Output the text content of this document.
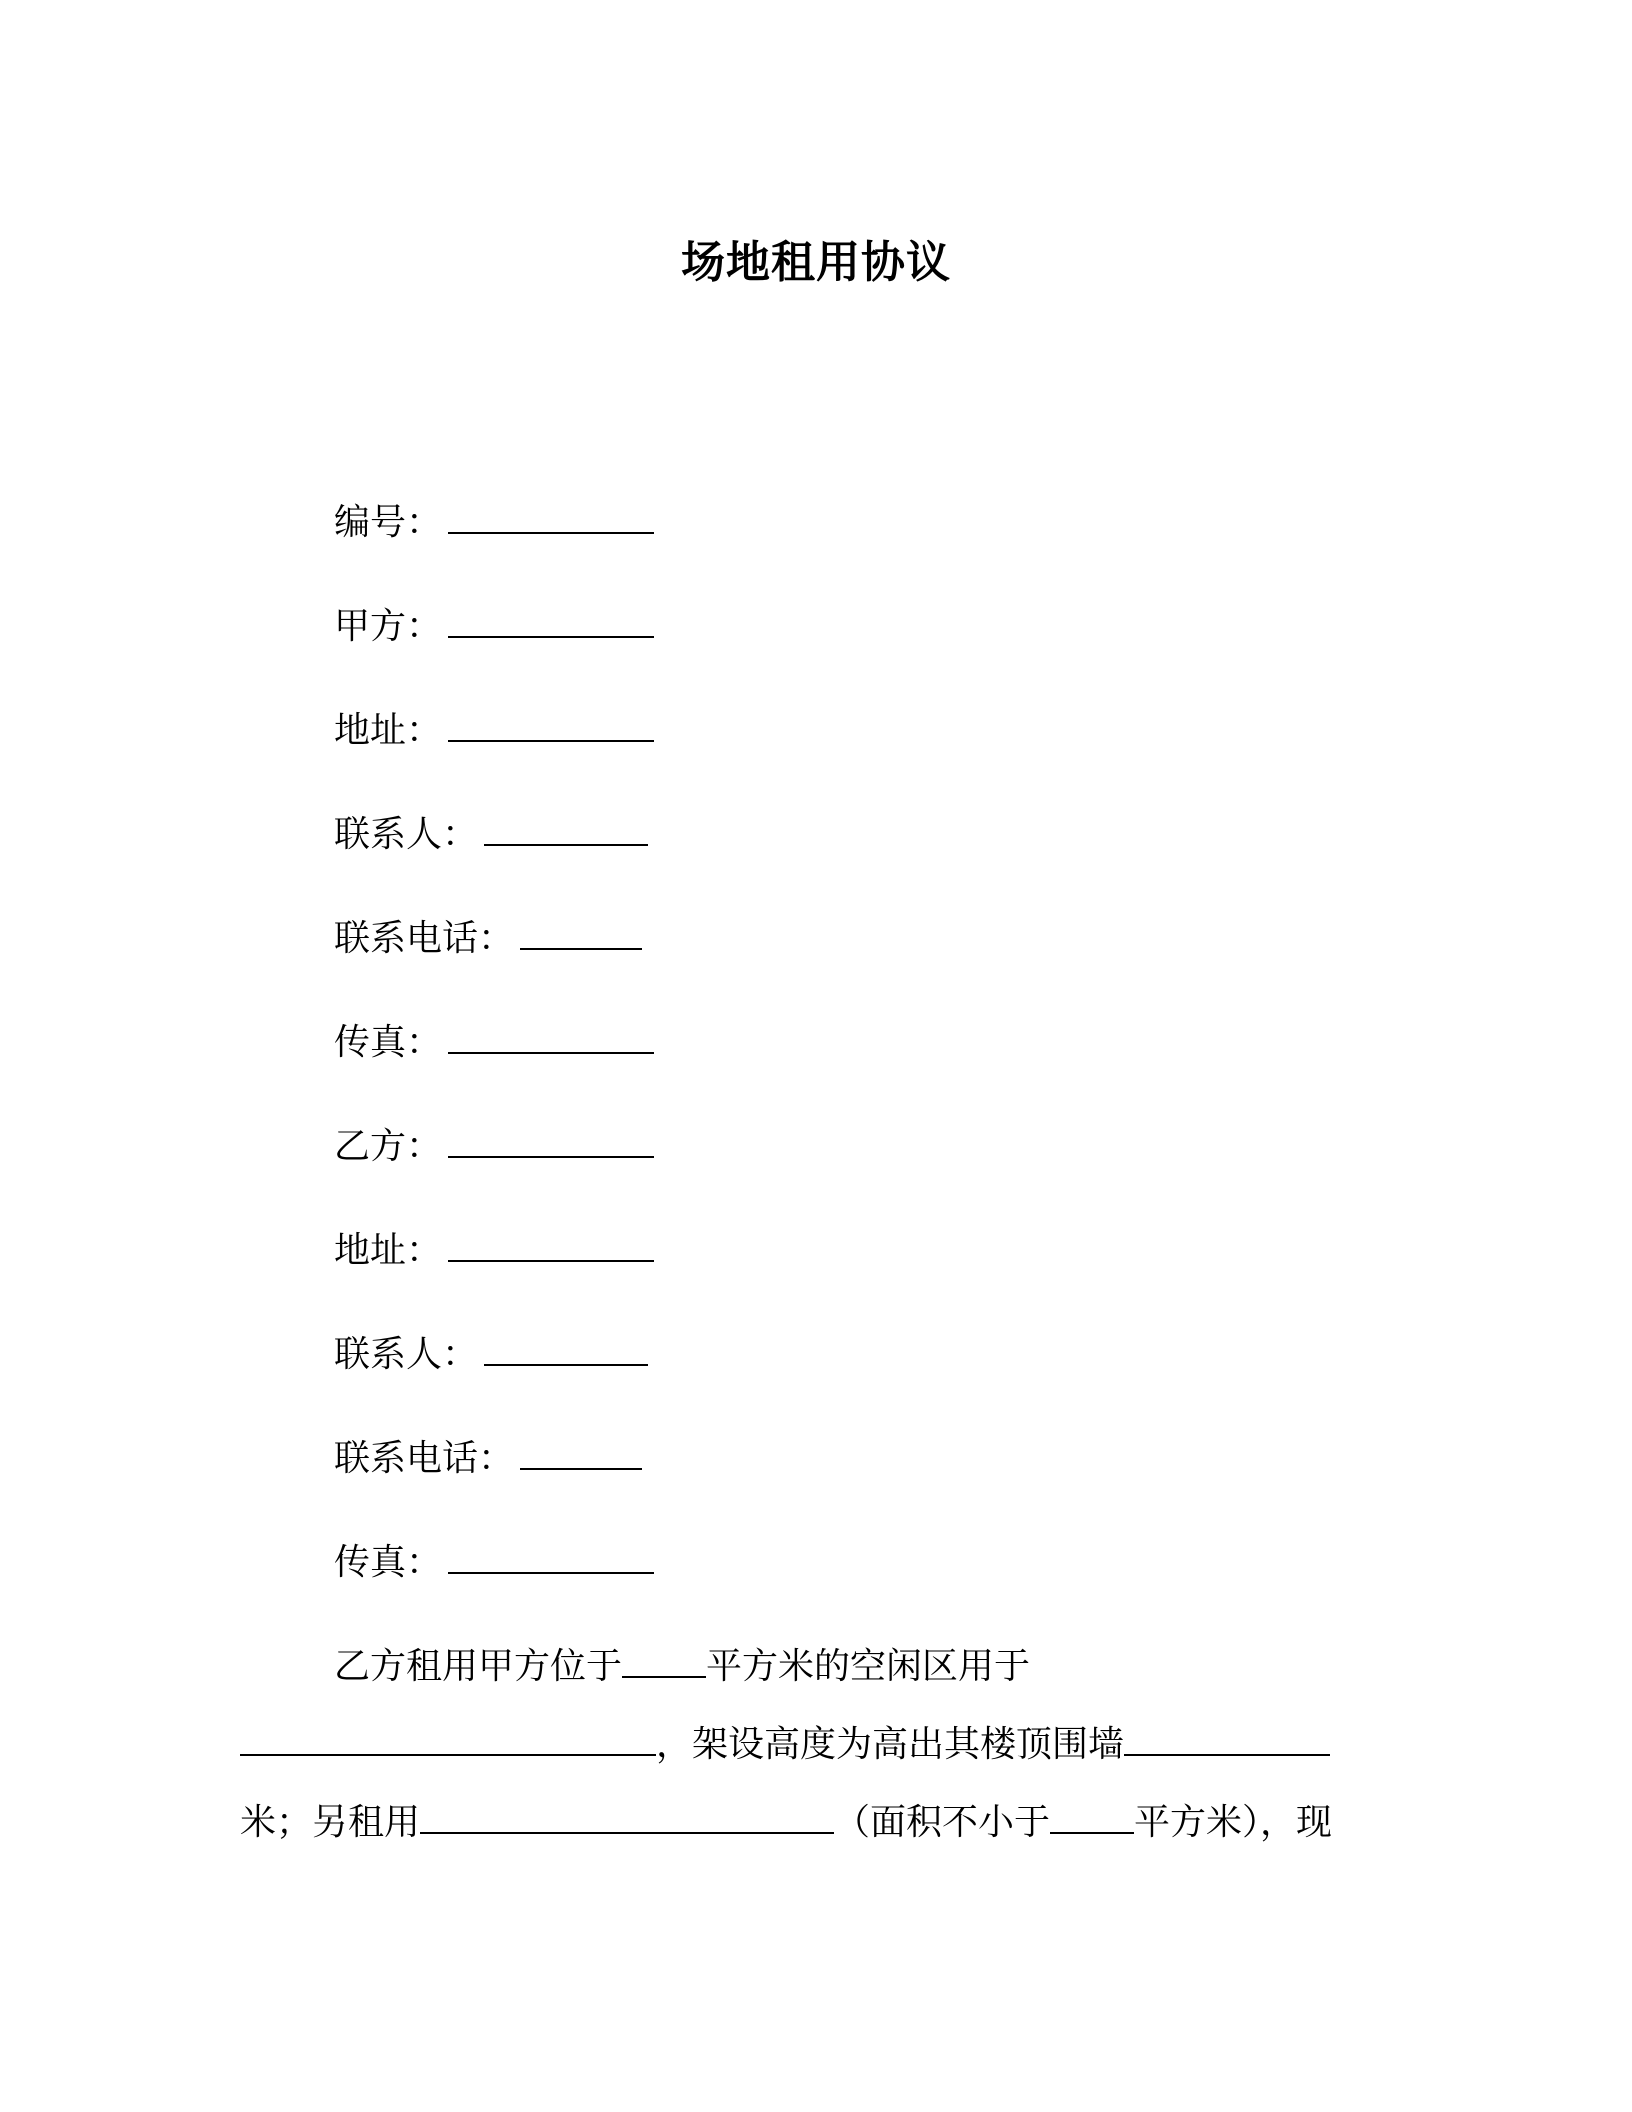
场地租用协议
编号：
甲方：
地址：
联系人：
联系电话：
传真：
乙方：
地址：
联系人：
联系电话：
传真：
乙方租用甲方位于 平方米的空闲区用于
，架设高度为高出其楼顶围墙
米；另租用	（面积不小于 平方米），现
